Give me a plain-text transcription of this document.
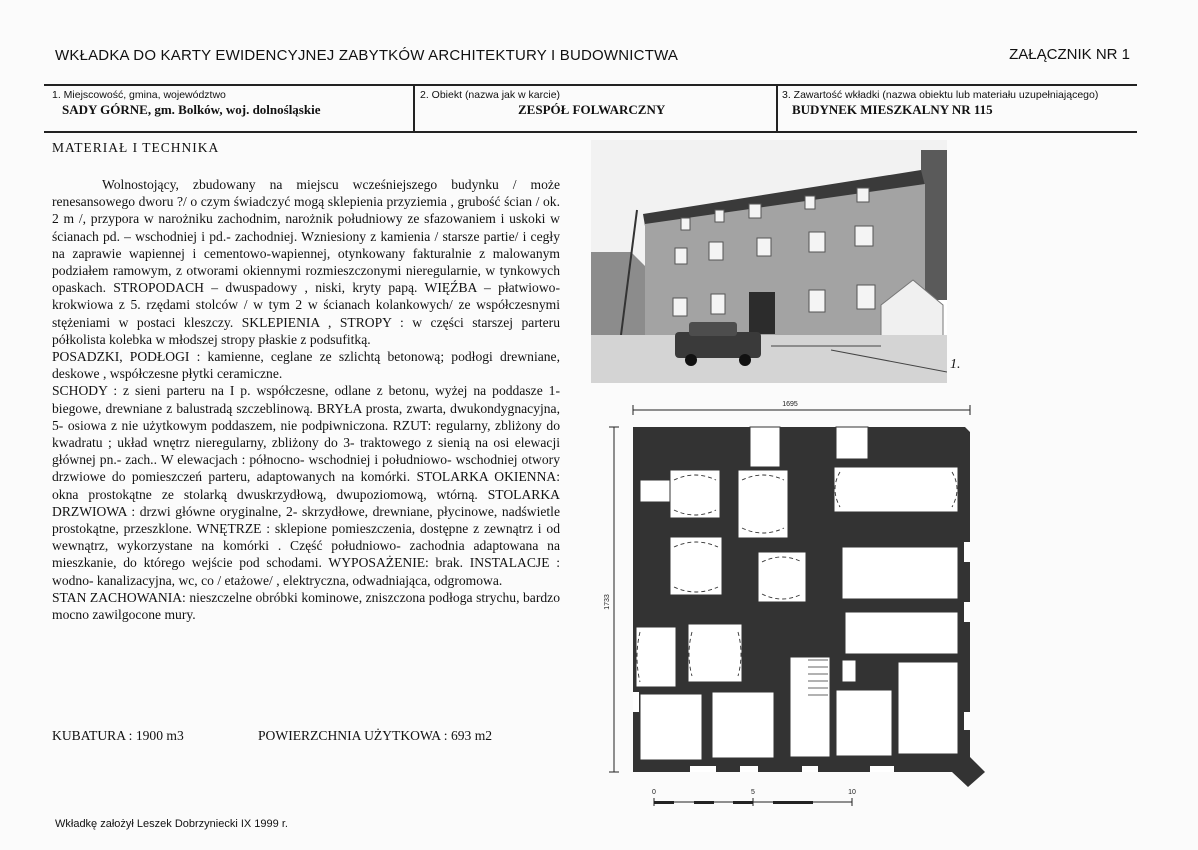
WKŁADKA DO KARTY EWIDENCYJNEJ ZABYTKÓW ARCHITEKTURY I BUDOWNICTWA	ZAŁĄCZNIK NR 1
1. Miejscowość, gmina, województwo
SADY GÓRNE, gm. Bolków, woj. dolnośląskie
2. Obiekt (nazwa jak w karcie)
ZESPÓŁ FOLWARCZNY
3. Zawartość wkładki (nazwa obiektu lub materiału uzupełniającego)
BUDYNEK MIESZKALNY NR 115
MATERIAŁ I TECHNIKA

Wolnostojący, zbudowany na miejscu wcześniejszego budynku / może renesansowego dworu ?/ o czym świadczyć mogą sklepienia przyziemia , grubość ścian / ok. 2 m /, przypora w narożniku zachodnim, narożnik południowy ze sfazowaniem i uskoki w ścianach pd. – wschodniej i pd.- zachodniej. Wzniesiony z kamienia / starsze partie/ i cegły na zaprawie wapiennej i cementowo-wapiennej, otynkowany fakturalnie z malowanym podziałem ramowym, z otworami okiennymi rozmieszczonymi nieregularnie, w tynkowych opaskach. STROPODACH – dwuspadowy , niski, kryty papą. WIĘŹBA – płatwiowo-krokwiowa z 5. rzędami stolców / w tym 2 w ścianach kolankowych/ ze współczesnymi stężeniami w postaci kleszczy. SKLEPIENIA , STROPY : w części starszej parteru półkolista kolebka w młodszej stropy płaskie z podsufitką.

POSADZKI, PODŁOGI : kamienne, ceglane ze szlichtą betonową; podłogi drewniane, deskowe , współczesne płytki ceramiczne.

SCHODY : z sieni parteru na I p. współczesne, odlane z betonu, wyżej na poddasze 1- biegowe, drewniane z balustradą szczeblinową. BRYŁA prosta, zwarta, dwukondygnacyjna, 5- osiowa z nie użytkowym poddaszem, nie podpiwniczona. RZUT: regularny, zbliżony do kwadratu ; układ wnętrz nieregularny, zbliżony do 3- traktowego z sienią na osi elewacji głównej pn.- zach.. W elewacjach : północno- wschodniej i południowo- wschodniej otwory drzwiowe do pomieszczeń parteru, adaptowanych na komórki. STOLARKA OKIENNA: okna prostokątne ze stolarką dwuskrzydłową, dwupoziomową, wtórną. STOLARKA DRZWIOWA : drzwi główne oryginalne, 2- skrzydłowe, drewniane, płycinowe, nadświetle prostokątne, przeszklone. WNĘTRZE : sklepione pomieszczenia, dostępne z zewnątrz i od wewnątrz, wykorzystane na komórki . Część południowo- zachodnia adaptowana na mieszkanie, do którego wejście pod schodami. WYPOSAŻENIE: brak. INSTALACJE : wodno- kanalizacyjna, wc, co / etażowe/ , elektryczna, odwadniająca, odgromowa.

STAN ZACHOWANIA: nieszczelne obróbki kominowe, zniszczona podłoga strychu, bardzo mocno zawilgocone mury.

KUBATURA : 1900 m3	POWIERZCHNIA UŻYTKOWA : 693 m2
Wkładkę założył Leszek Dobrzyniecki IX 1999 r.
1.
1695
1733
0	5	10
